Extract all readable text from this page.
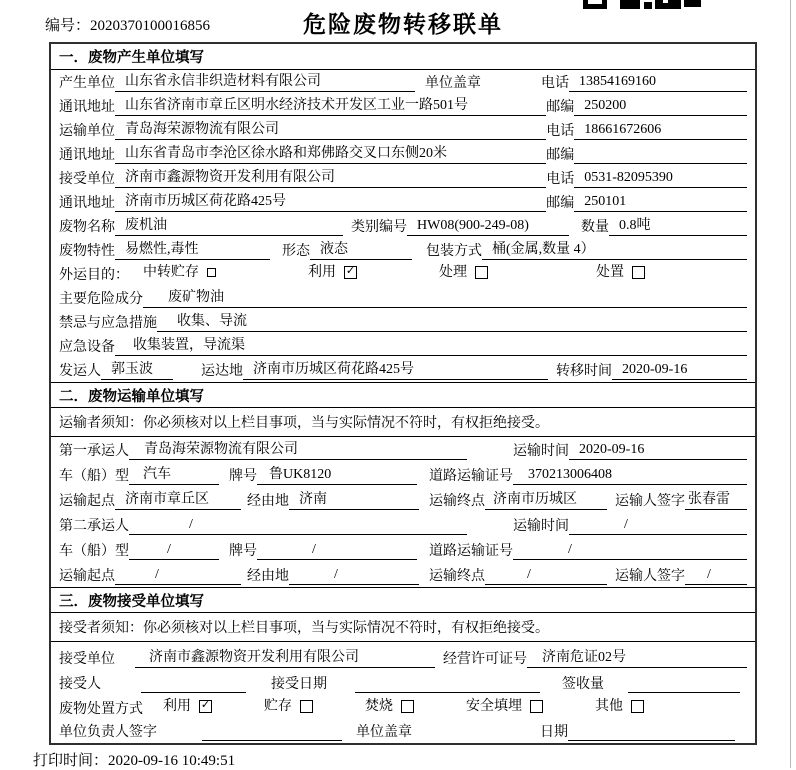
编号：2020370100016856	危险废物转移联单
一．废物产生单位填写
产生单位 山东省永信非织造材料有限公司	单位盖章	电话 13854169160
通讯地址 山东省济南市章丘区明水经济技术开发区工业一路501号	邮编 250200
运输单位 青岛海荣源物流有限公司	电话 18661672606
通讯地址 山东省青岛市李沧区徐水路和郑佛路交叉口东侧20米	邮编
接受单位 济南市鑫源物资开发利用有限公司	电话 0531-82095390
通讯地址 济南市历城区荷花路425号	邮编 250101
废物名称 废机油	类别编号 HW08(900-249-08)	数量 0.8吨
废物特性 易燃性,毒性	形态 液态	包装方式 桶(金属,数量 4）
外运目的： 中转贮存	利用 ✓	处理	处置
主要危险成分	废矿物油
禁忌与应急措施	收集、导流
应急设备	收集装置，导流渠
发运人 郭玉波	运达地 济南市历城区荷花路425号	转移时间 2020-09-16
二．废物运输单位填写
运输者须知：你必须核对以上栏目事项，当与实际情况不符时，有权拒绝接受。
第一承运人	青岛海荣源物流有限公司	运输时间 2020-09-16
车（船）型	汽车	牌号 鲁UK8120	道路运输证号	370213006408
运输起点 济南市章丘区	经由地 济南	运输终点 济南市历城区	运输人签字 张春雷
第二承运人	/	运输时间	/
车（船）型	/	牌号	/	道路运输证号	/
运输起点	/	经由地	/	运输终点	/	运输人签字	/
三．废物接受单位填写
接受者须知：你必须核对以上栏目事项，当与实际情况不符时，有权拒绝接受。
接受单位	济南市鑫源物资开发利用有限公司	经营许可证号	济南危证02号
接受人	接受日期	签收量
废物处置方式 利用 ✓	贮存	焚烧	安全填埋	其他
单位负责人签字	单位盖章	日期
打印时间：2020-09-16 10:49:51
